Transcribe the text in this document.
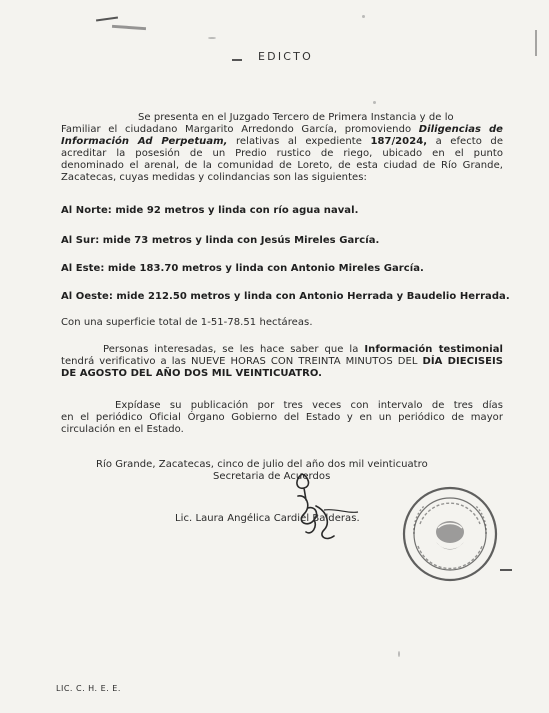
EDICTO
Se presenta en el Juzgado Tercero de Primera Instancia y de lo
Familiar el ciudadano Margarito Arredondo García, promoviendo Diligencias de
Información Ad Perpetuam, relativas al expediente 187/2024, a efecto de
acreditar la posesión de un Predio rustico de riego, ubicado en el punto
denominado el arenal, de la comunidad de Loreto, de esta ciudad de Río Grande,
Zacatecas, cuyas medidas y colindancias son las siguientes:
Al Norte: mide 92 metros y linda con río agua naval.
Al Sur: mide 73 metros y linda con Jesús Mireles García.
Al Este: mide 183.70 metros y linda con Antonio Mireles García.
Al Oeste: mide 212.50 metros y linda con Antonio Herrada y Baudelio Herrada.
Con una superficie total de 1-51-78.51 hectáreas.
Personas interesadas, se les hace saber que la Información testimonial
tendrá verificativo a las NUEVE HORAS CON TREINTA MINUTOS DEL DÍA DIECISEIS
DE AGOSTO DEL AÑO DOS MIL VEINTICUATRO.
Expídase su publicación por tres veces con intervalo de tres días
en el periódico Oficial Órgano Gobierno del Estado y en un periódico de mayor
circulación en el Estado.
Río Grande, Zacatecas, cinco de julio del año dos mil veinticuatro
Secretaria de Acuerdos
Lic. Laura Angélica Cardiel Balderas.
LIC. C. H. E. E.
